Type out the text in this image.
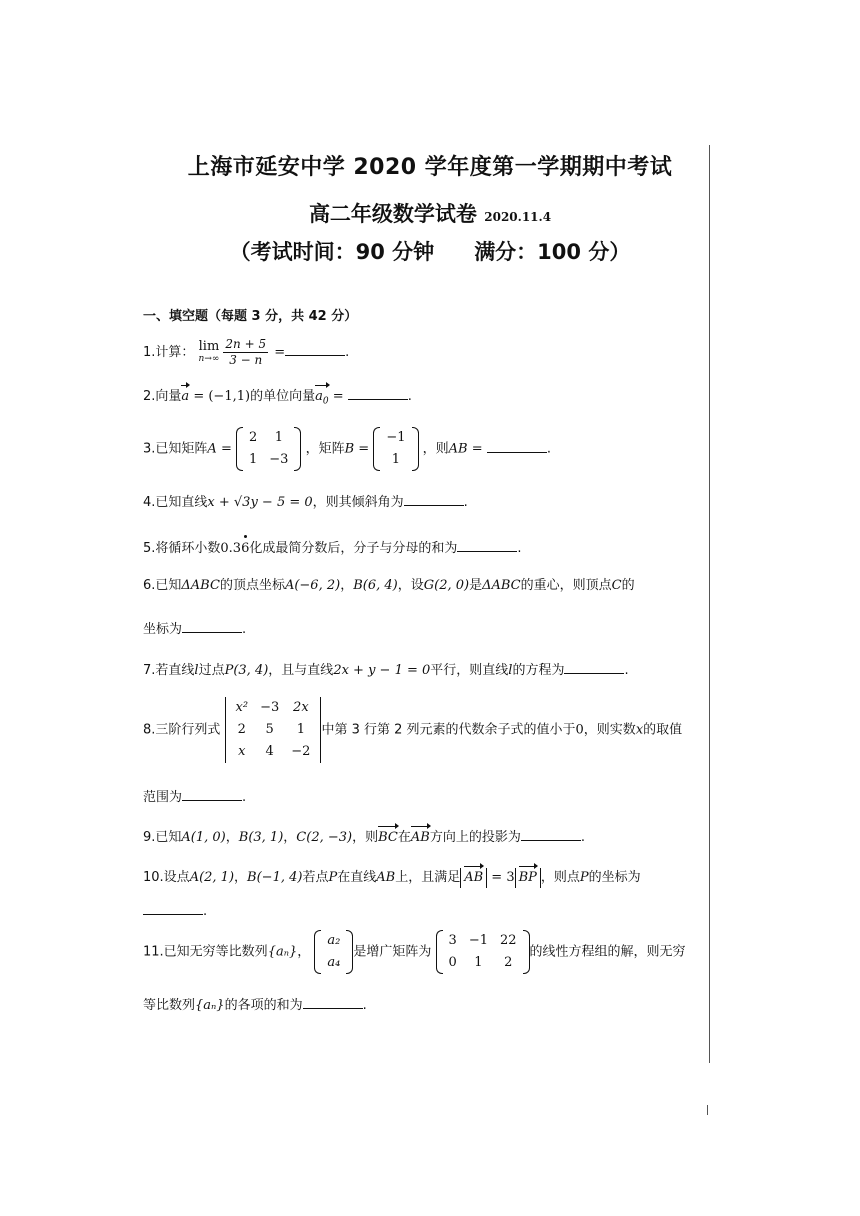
上海市延安中学 2020 学年度第一学期期中考试
高二年级数学试卷 2020.11.4
（考试时间：90 分钟 满分：100 分）
一、填空题（每题 3 分，共 42 分）
1.计算： lim
$n\to\infty \frac{2n + 5}{3 - n}$ =	.
2.向量a = (−1,1)的单位向量$a_0$ =	.
3.已知矩阵A =
2	1
1	−3
，矩阵B =
−1
1
，则AB =	.
4.已知直线x + √3y − 5 = 0，则其倾斜角为	.
5.将循环小数0.36化成最简分数后，分子与分母的和为	.
6.已知ΔABC的顶点坐标A(−6, 2)，B(6, 4)，设G(2, 0)是ΔABC的重心，则顶点C的
坐标为	.
7.若直线l过点P(3, 4)，且与直线2x + y − 1 = 0平行，则直线l的方程为	.
8.三阶行列式
x²	−3	2x
2	5	1
x	4	−2
中第 3 行第 2 列元素的代数余子式的值小于0，则实数x的取值
范围为	.
9.已知A(1, 0)，B(3, 1)，C(2, −3)，则BC在AB方向上的投影为	.
10.设点A(2, 1)，B(−1, 4)若点P在直线AB上，且满足 AB = 3 BP ，则点P的坐标为
.
11.已知无穷等比数列{aₙ}，
a₂
a₄
是增广矩阵为
3	−1	22
0	1	2
的线性方程组的解，则无穷
等比数列{aₙ}的各项的和为	.
